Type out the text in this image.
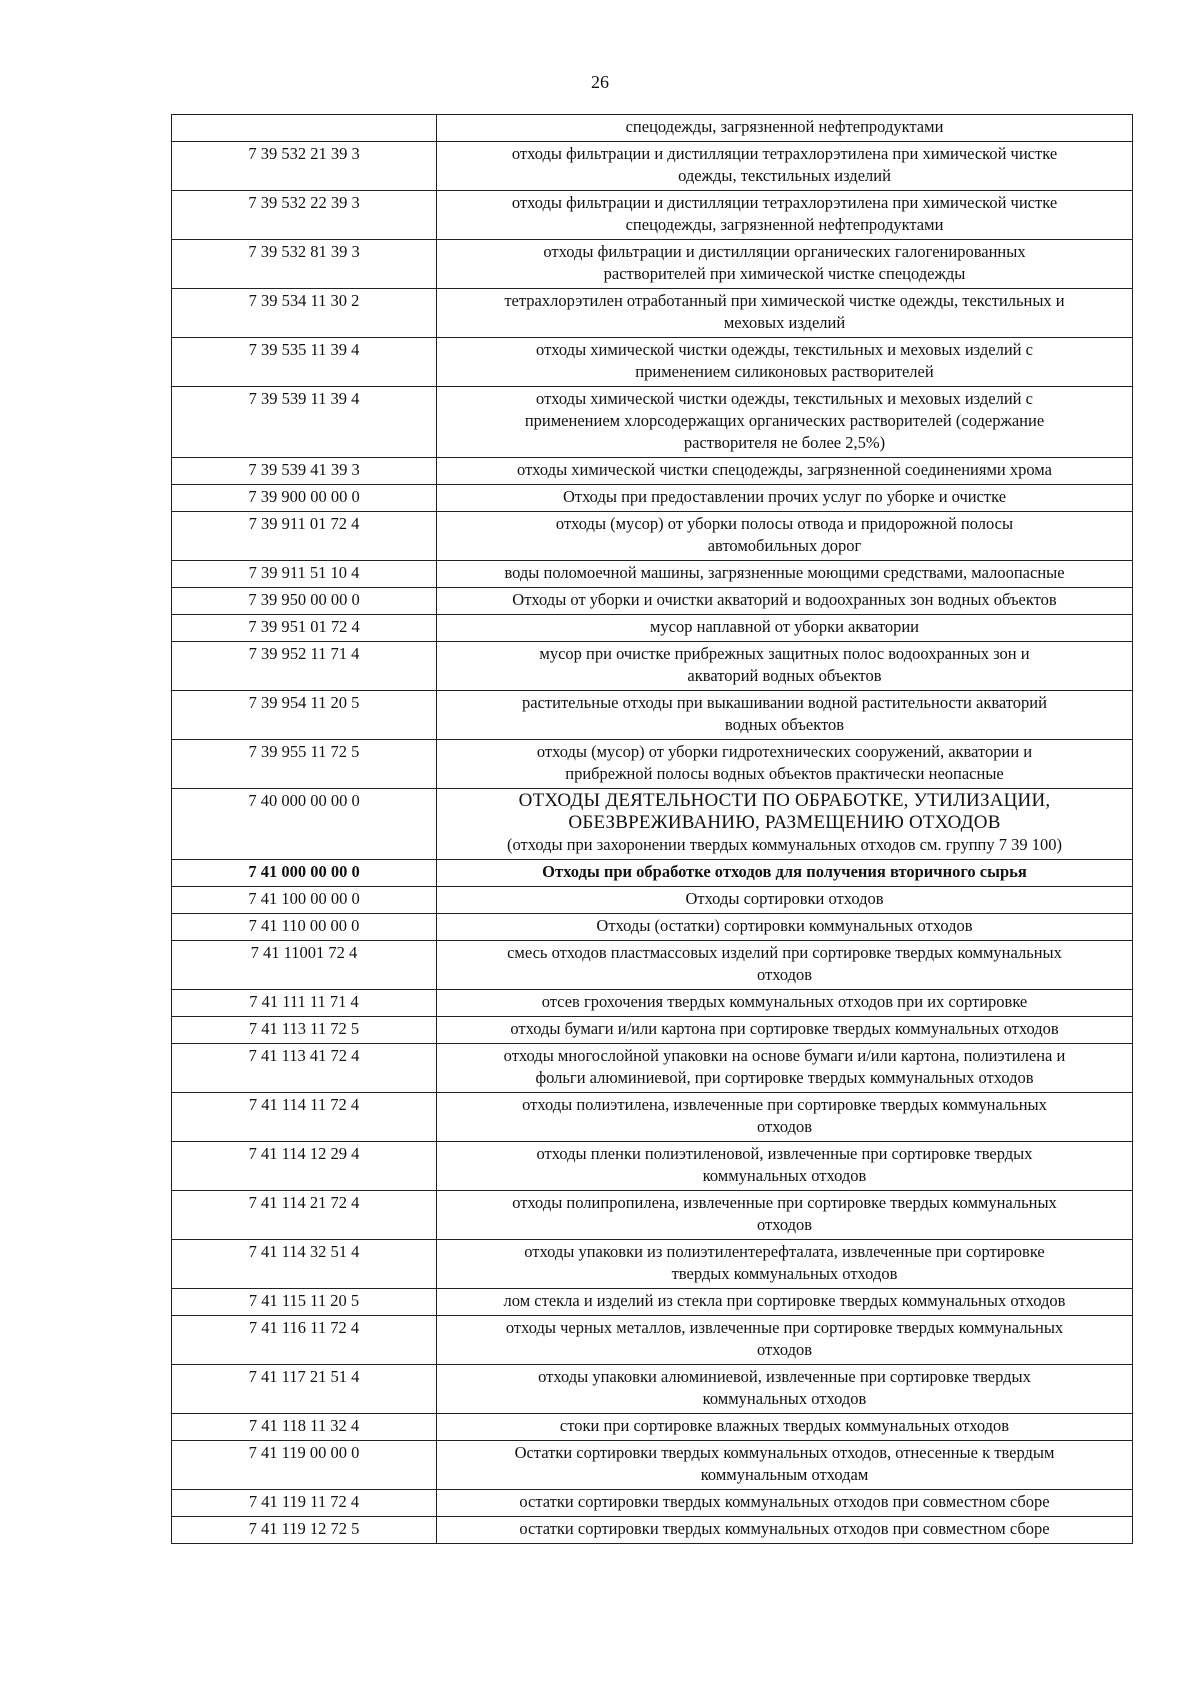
26

	спецодежды, загрязненной нефтепродуктами

7 39 532 21 39 3	отходы фильтрации и дистилляции тетрахлорэтилена при химической чистке
одежды, текстильных изделий

7 39 532 22 39 3	отходы фильтрации и дистилляции тетрахлорэтилена при химической чистке
спецодежды, загрязненной нефтепродуктами

7 39 532 81 39 3	отходы фильтрации и дистилляции органических галогенированных
растворителей при химической чистке спецодежды

7 39 534 11 30 2	тетрахлорэтилен отработанный при химической чистке одежды, текстильных и
меховых изделий

7 39 535 11 39 4	отходы химической чистки одежды, текстильных и меховых изделий с
применением силиконовых растворителей

7 39 539 11 39 4	отходы химической чистки одежды, текстильных и меховых изделий с
применением хлорсодержащих органических растворителей (содержание
растворителя не более 2,5%)

7 39 539 41 39 3	отходы химической чистки спецодежды, загрязненной соединениями хрома

7 39 900 00 00 0	Отходы при предоставлении прочих услуг по уборке и очистке

7 39 911 01 72 4	отходы (мусор) от уборки полосы отвода и придорожной полосы
автомобильных дорог

7 39 911 51 10 4	воды поломоечной машины, загрязненные моющими средствами, малоопасные

7 39 950 00 00 0	Отходы от уборки и очистки акваторий и водоохранных зон водных объектов

7 39 951 01 72 4	мусор наплавной от уборки акватории

7 39 952 11 71 4	мусор при очистке прибрежных защитных полос водоохранных зон и
акваторий водных объектов

7 39 954 11 20 5	растительные отходы при выкашивании водной растительности акваторий
водных объектов

7 39 955 11 72 5	отходы (мусор) от уборки гидротехнических сооружений, акватории и
прибрежной полосы водных объектов практически неопасные

7 40 000 00 00 0	ОТХОДЫ ДЕЯТЕЛЬНОСТИ ПО ОБРАБОТКЕ, УТИЛИЗАЦИИ,
ОБЕЗВРЕЖИВАНИЮ, РАЗМЕЩЕНИЮ ОТХОДОВ
(отходы при захоронении твердых коммунальных отходов см. группу 7 39 100)

7 41 000 00 00 0	Отходы при обработке отходов для получения вторичного сырья

7 41 100 00 00 0	Отходы сортировки отходов

7 41 110 00 00 0	Отходы (остатки) сортировки коммунальных отходов

7 41 11001 72 4	смесь отходов пластмассовых изделий при сортировке твердых коммунальных
отходов

7 41 111 11 71 4	отсев грохочения твердых коммунальных отходов при их сортировке

7 41 113 11 72 5	отходы бумаги и/или картона при сортировке твердых коммунальных отходов

7 41 113 41 72 4	отходы многослойной упаковки на основе бумаги и/или картона, полиэтилена и
фольги алюминиевой, при сортировке твердых коммунальных отходов

7 41 114 11 72 4	отходы полиэтилена, извлеченные при сортировке твердых коммунальных
отходов

7 41 114 12 29 4	отходы пленки полиэтиленовой, извлеченные при сортировке твердых
коммунальных отходов

7 41 114 21 72 4	отходы полипропилена, извлеченные при сортировке твердых коммунальных
отходов

7 41 114 32 51 4	отходы упаковки из полиэтилентерефталата, извлеченные при сортировке
твердых коммунальных отходов

7 41 115 11 20 5	лом стекла и изделий из стекла при сортировке твердых коммунальных отходов

7 41 116 11 72 4	отходы черных металлов, извлеченные при сортировке твердых коммунальных
отходов

7 41 117 21 51 4	отходы упаковки алюминиевой, извлеченные при сортировке твердых
коммунальных отходов

7 41 118 11 32 4	стоки при сортировке влажных твердых коммунальных отходов

7 41 119 00 00 0	Остатки сортировки твердых коммунальных отходов, отнесенные к твердым
коммунальным отходам

7 41 119 11 72 4	остатки сортировки твердых коммунальных отходов при совместном сборе

7 41 119 12 72 5	остатки сортировки твердых коммунальных отходов при совместном сборе
